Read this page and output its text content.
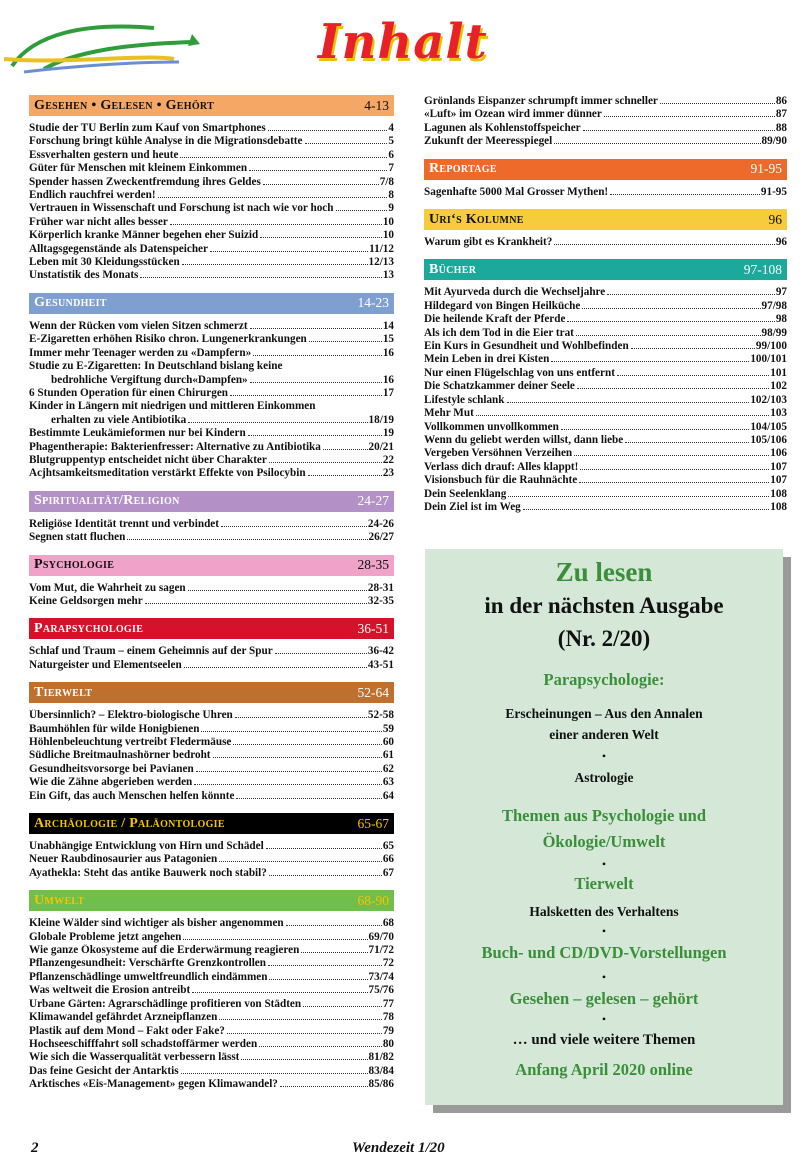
Inhalt
Gesehen • Gelesen • Gehört	4-13
Studie der TU Berlin zum Kauf von Smartphones	4
Forschung bringt kühle Analyse in die Migrationsdebatte	5
Essverhalten gestern und heute	6
Güter für Menschen mit kleinem Einkommen	7
Spender hassen Zweckentfremdung ihres Geldes	7/8
Endlich rauchfrei werden!	8
Vertrauen in Wissenschaft und Forschung ist nach wie vor hoch	9
Früher war nicht alles besser	10
Körperlich kranke Männer begehen eher Suizid	10
Alltagsgegenstände als Datenspeicher	11/12
Leben mit 30 Kleidungsstücken	12/13
Unstatistik des Monats	13
Gesundheit	14-23
Wenn der Rücken vom vielen Sitzen schmerzt	14
E-Zigaretten erhöhen Risiko chron. Lungenerkrankungen	15
Immer mehr Teenager werden zu «Dampfern»	16
Studie zu E-Zigaretten: In Deutschland bislang keine
bedrohliche Vergiftung durch«Dampfen»	16
6 Stunden Operation für einen Chirurgen	17
Kinder in Längern mit niedrigen und mittleren Einkommen
erhalten zu viele Antibiotika	18/19
Bestimmte Leukämieformen nur bei Kindern	19
Phagentherapie: Bakterienfresser: Alternative zu Antibiotika	20/21
Blutgruppentyp entscheidet nicht über Charakter	22
Acjhtsamkeitsmeditation verstärkt Effekte von Psilocybin	23
Spiritualität/Religion	24-27
Religiöse Identität trennt und verbindet	24-26
Segnen statt fluchen	26/27
Psychologie	28-35
Vom Mut, die Wahrheit zu sagen	28-31
Keine Geldsorgen mehr	32-35
Parapsychologie	36-51
Schlaf und Traum – einem Geheimnis auf der Spur	36-42
Naturgeister und Elementseelen	43-51
Tierwelt	52-64
Übersinnlich? – Elektro-biologische Uhren	52-58
Baumhöhlen für wilde Honigbienen	59
Höhlenbeleuchtung vertreibt Fledermäuse	60
Südliche Breitmaulnashörner bedroht	61
Gesundheitsvorsorge bei Pavianen	62
Wie die Zähne abgerieben werden	63
Ein Gift, das auch Menschen helfen könnte	64
Archäologie / Paläontologie	65-67
Unabhängige Entwicklung von Hirn und Schädel	65
Neuer Raubdinosaurier aus Patagonien	66
Ayathekla: Steht das antike Bauwerk noch stabil?	67
Umwelt	68-90
Kleine Wälder sind wichtiger als bisher angenommen	68
Globale Probleme jetzt angehen	69/70
Wie ganze Ökosysteme auf die Erderwärmung reagieren	71/72
Pflanzengesundheit: Verschärfte Grenzkontrollen	72
Pflanzenschädlinge umweltfreundlich eindämmen	73/74
Was weltweit die Erosion antreibt	75/76
Urbane Gärten: Agrarschädlinge profitieren von Städten	77
Klimawandel gefährdet Arzneipflanzen	78
Plastik auf dem Mond – Fakt oder Fake?	79
Hochseeschifffahrt soll schadstoffärmer werden	80
Wie sich die Wasserqualität verbessern lässt	81/82
Das feine Gesicht der Antarktis	83/84
Arktisches «Eis-Management» gegen Klimawandel?	85/86
Grönlands Eispanzer schrumpft immer schneller	86
«Luft» im Ozean wird immer dünner	87
Lagunen als Kohlenstoffspeicher	88
Zukunft der Meeresspiegel	89/90
Reportage	91-95
Sagenhafte 5000 Mal Grosser Mythen!	91-95
Uri‘s Kolumne	96
Warum gibt es Krankheit?	96
Bücher	97-108
Mit Ayurveda durch die Wechseljahre	97
Hildegard von Bingen Heilküche	97/98
Die heilende Kraft der Pferde	98
Als ich dem Tod in die Eier trat	98/99
Ein Kurs in Gesundheit und Wohlbefinden	99/100
Mein Leben in drei Kisten	100/101
Nur einen Flügelschlag von uns entfernt	101
Die Schatzkammer deiner Seele	102
Lifestyle schlank	102/103
Mehr Mut	103
Vollkommen unvollkommen	104/105
Wenn du geliebt werden willst, dann liebe	105/106
Vergeben Versöhnen Verzeihen	106
Verlass dich drauf: Alles klappt!	107
Visionsbuch für die Rauhnächte	107
Dein Seelenklang	108
Dein Ziel ist im Weg	108
Zu lesen
in der nächsten Ausgabe
(Nr. 2/20)
Parapsychologie:
Erscheinungen – Aus den Annalen
einer anderen Welt
•
Astrologie
Themen aus Psychologie und
Ökologie/Umwelt
•
Tierwelt
Halsketten des Verhaltens
•
Buch- und CD/DVD-Vorstellungen
•
Gesehen – gelesen – gehört
•
… und viele weitere Themen
Anfang April 2020 online
2	Wendezeit 1/20
